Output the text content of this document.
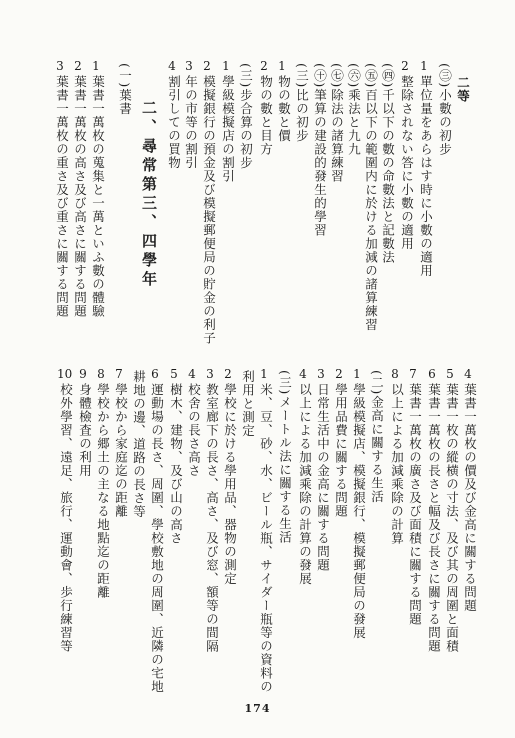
二等
(㊂)小數の初步
1
單位量をあらはす時に小數の適用
2
整除されない答に小數の適用
(㊃)千以下の數の命數法と記數法
(㊄)百以下の範圍内に於ける加減の諸算練習
(㊅)乘法と九九
(㊆)除法の諸算練習
(㊉)筆算の建設的發生的學習
(三)比の初步
1
物の數と價
2
物の數と目方
(三)步合算の初步
1
學級模擬店の割引
2
模擬銀行の預金及び模擬郵便局の貯金の利子
3
年の市等の割引
4
割引しての買物
二、尋常第三、四學年
(一)葉書
1
葉書一萬枚の蒐集と一萬といふ數の體驗
2
葉書一萬枚の高さ及び高さに關する問題
3
葉書一萬枚の重さ及び重さに關する問題
4
葉書一萬枚の價及び金高に關する問題
5
葉書一枚の縱横の寸法、及び其の周圍と面積
6
葉書一萬枚の長さと幅及び長さに關する問題
7
葉書一萬枚の廣さ及び面積に關する問題
8
以上による加減乘除の計算
(二)金高に關する生活
1
學級模擬店、模擬銀行、模擬郵便局の發展
2
學用品費に關する問題
3
日常生活中の金高に關する問題
4
以上による加減乘除の計算の發展
(三)メートル法に關する生活
1
米、豆、砂、水、ビール瓶、サイダー瓶等の資料の
利用と測定
2
學校に於ける學用品、器物の測定
3
教室廊下の長さ、高さ、及び窓、額等の間隔
4
校舍の長さ高さ
5
樹木、建物、及び山の高さ
6
運動場の長さ、周圍、學校敷地の周圍、近隣の宅地
耕地の邊、道路の長さ等
7
學校から家庭迄の距離
8
學校から郷土の主なる地點迄の距離
9
身體檢査の利用
10
校外學習、遠足、旅行、運動會、歩行練習等
174
